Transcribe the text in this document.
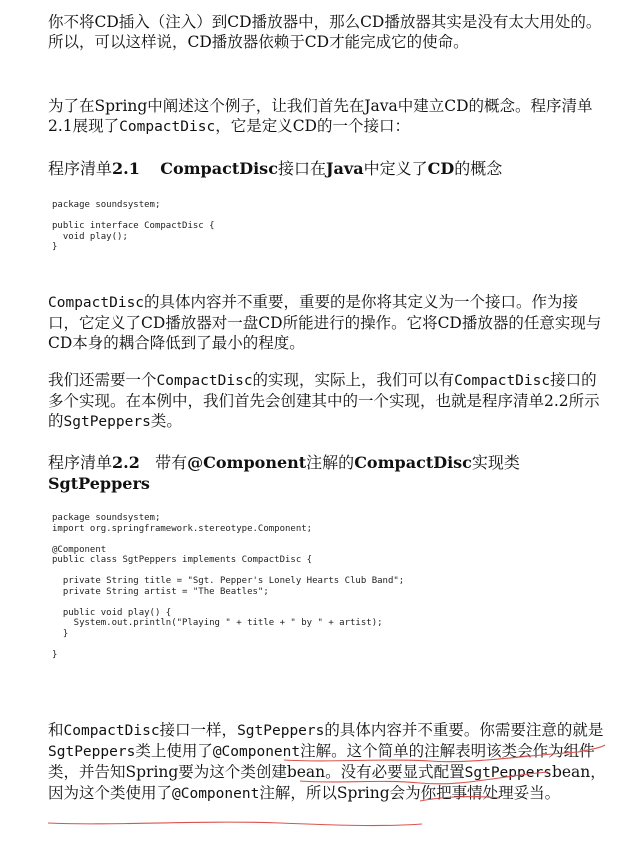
你不将CD插入（注入）到CD播放器中，那么CD播放器其实是没有太大用处的。所以，可以这样说，CD播放器依赖于CD才能完成它的使命。

为了在Spring中阐述这个例子，让我们首先在Java中建立CD的概念。程序清单2.1展现了CompactDisc，它是定义CD的一个接口：

程序清单2.1 CompactDisc接口在Java中定义了CD的概念

package soundsystem;

public interface CompactDisc {
void play();
}

CompactDisc的具体内容并不重要，重要的是你将其定义为一个接口。作为接口，它定义了CD播放器对一盘CD所能进行的操作。它将CD播放器的任意实现与CD本身的耦合降低到了最小的程度。

我们还需要一个CompactDisc的实现，实际上，我们可以有CompactDisc接口的多个实现。在本例中，我们首先会创建其中的一个实现，也就是程序清单2.2所示的SgtPeppers类。

程序清单2.2 带有@Component注解的CompactDisc实现类
SgtPeppers

package soundsystem;
import org.springframework.stereotype.Component;

@Component
public class SgtPeppers implements CompactDisc {

private String title = "Sgt. Pepper's Lonely Hearts Club Band";
private String artist = "The Beatles";

public void play() {
System.out.println("Playing " + title + " by " + artist);
}

}

和CompactDisc接口一样，SgtPeppers的具体内容并不重要。你需要注意的就是SgtPeppers类上使用了@Component注解。这个简单的注解表明该类会作为组件类，并告知Spring要为这个类创建bean。没有必要显式配置SgtPeppersbean，因为这个类使用了@Component注解，所以Spring会为你把事情处理妥当。
